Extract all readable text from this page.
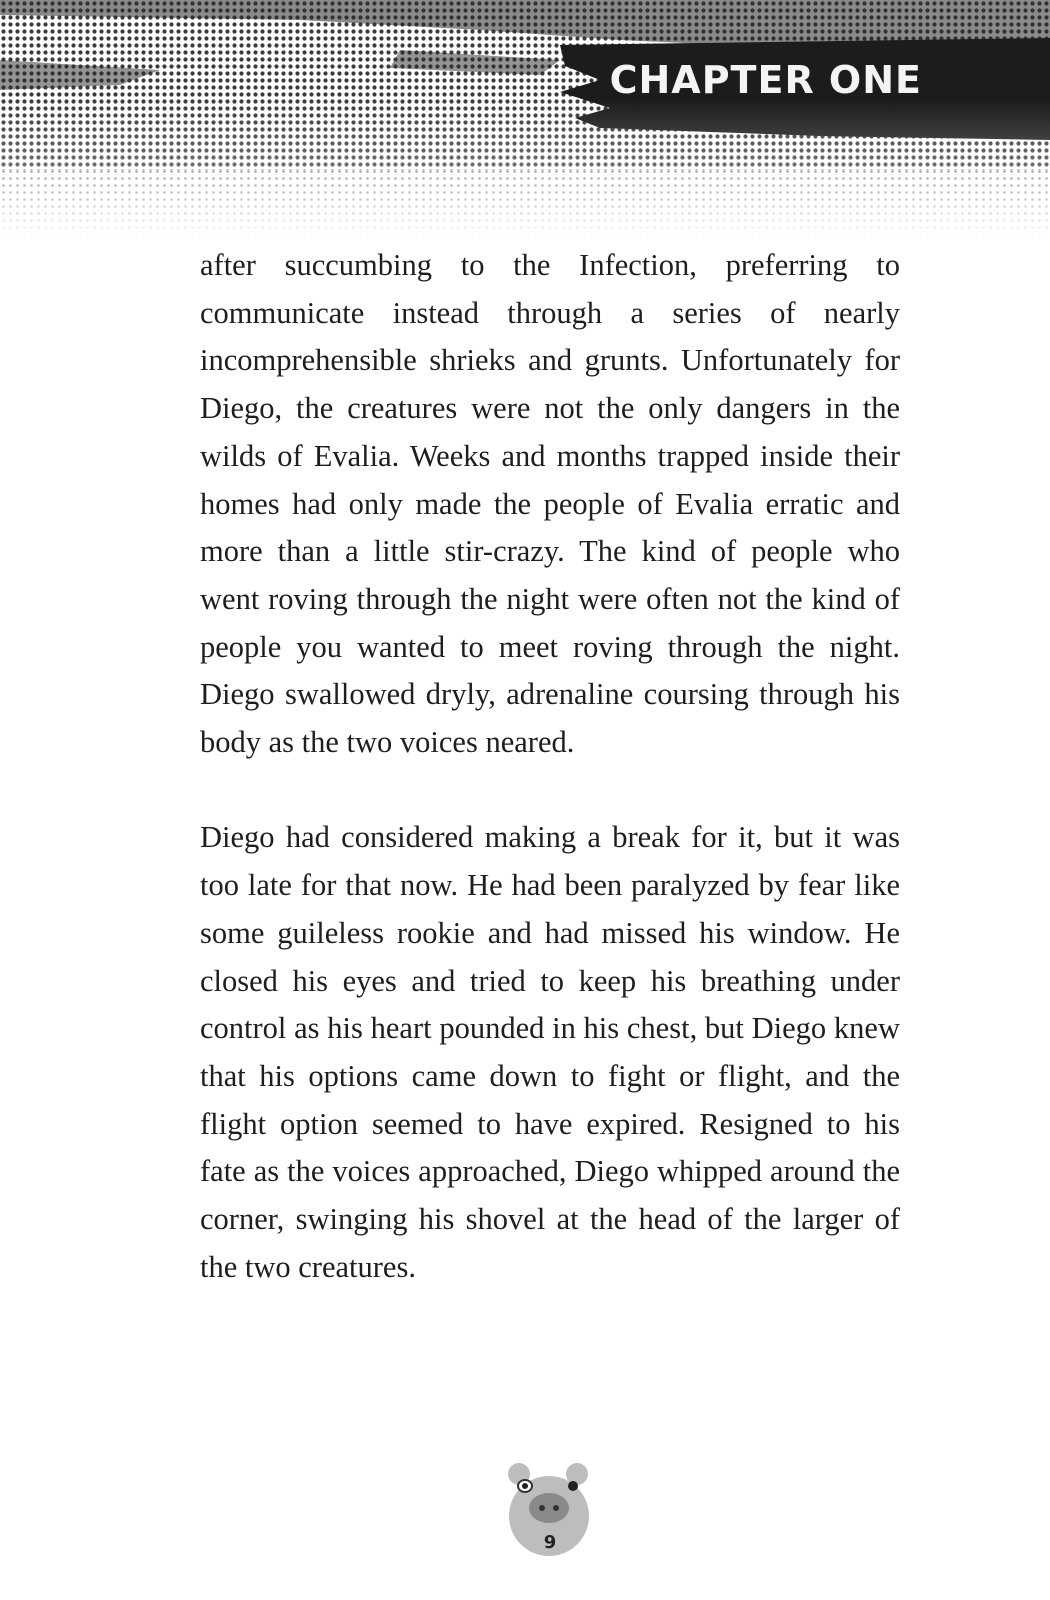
CHAPTER ONE

after succumbing to the Infection, preferring to communicate instead through a series of nearly incomprehensible shrieks and grunts. Unfortunately for Diego, the creatures were not the only dangers in the wilds of Evalia. Weeks and months trapped inside their homes had only made the people of Evalia erratic and more than a little stir-crazy. The kind of people who went roving through the night were often not the kind of people you wanted to meet roving through the night. Diego swallowed dryly, adrenaline coursing through his body as the two voices neared.

Diego had considered making a break for it, but it was too late for that now. He had been paralyzed by fear like some guileless rookie and had missed his window. He closed his eyes and tried to keep his breathing under control as his heart pounded in his chest, but Diego knew that his options came down to fight or flight, and the flight option seemed to have expired. Resigned to his fate as the voices approached, Diego whipped around the corner, swinging his shovel at the head of the larger of the two creatures.

9
